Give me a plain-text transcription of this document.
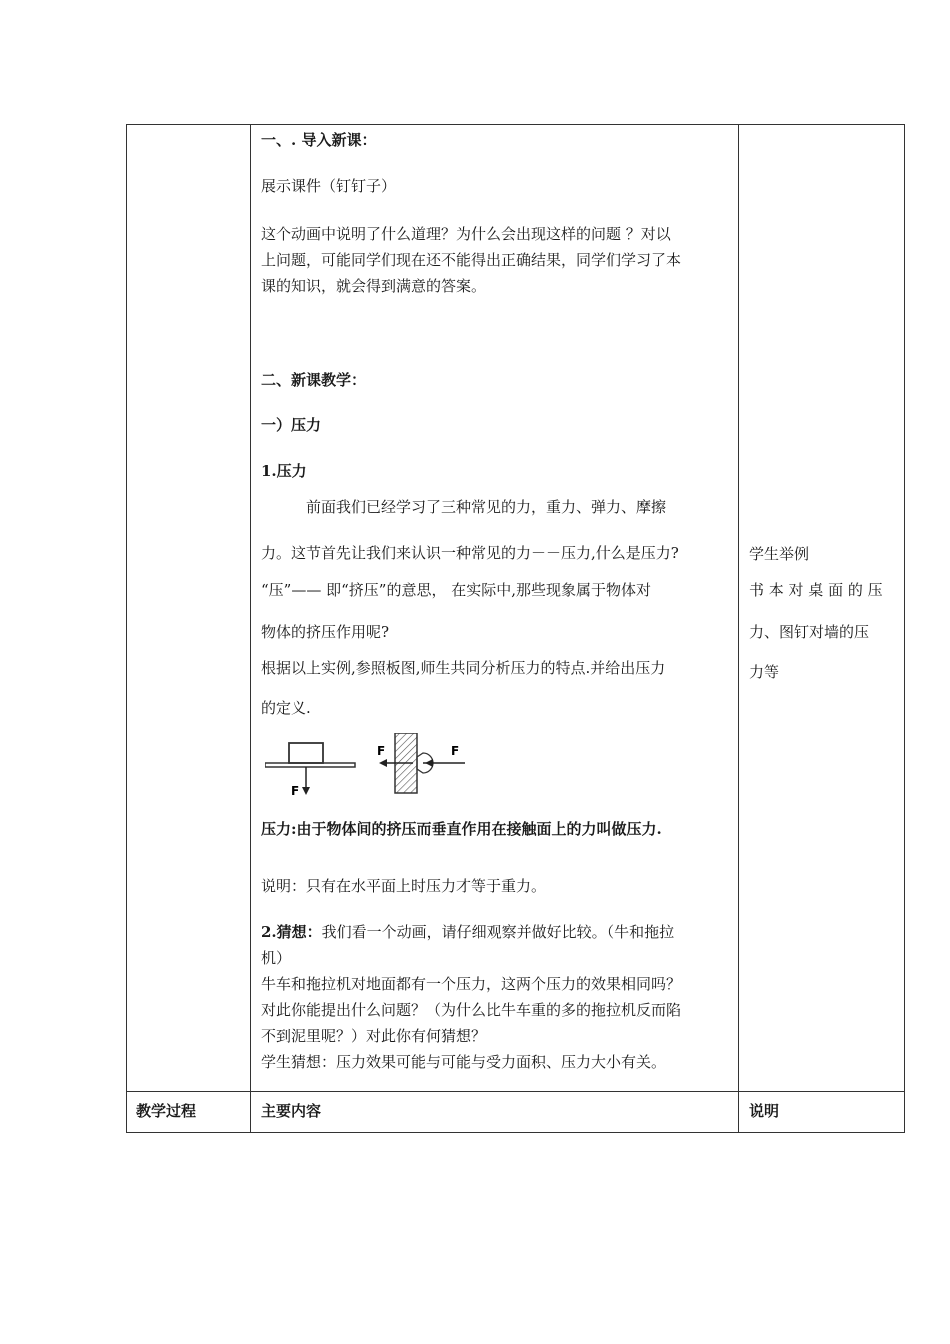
一、. 导入新课：
展示课件（钉钉子）
这个动画中说明了什么道理？为什么会出现这样的问题 ？对以
上问题，可能同学们现在还不能得出正确结果，同学们学习了本
课的知识，就会得到满意的答案。
二、新课教学：
一）压力
1.压力
前面我们已经学习了三种常见的力，重力、弹力、摩擦
力。这节首先让我们来认识一种常见的力－－压力,什么是压力?
“压”—— 即“挤压”的意思， 在实际中,那些现象属于物体对
物体的挤压作用呢?
根据以上实例,参照板图,师生共同分析压力的特点.并给出压力
的定义.
F
F	F
压力:由于物体间的挤压而垂直作用在接触面上的力叫做压力.
说明：只有在水平面上时压力才等于重力。
2.猜想：我们看一个动画，请仔细观察并做好比较。（牛和拖拉
机）
牛车和拖拉机对地面都有一个压力，这两个压力的效果相同吗？
对此你能提出什么问题？（为什么比牛车重的多的拖拉机反而陷
不到泥里呢？）对此你有何猜想？
学生猜想：压力效果可能与可能与受力面积、压力大小有关。
学生举例
书 本 对 桌 面 的 压
力、图钉对墙的压
力等
教学过程	主要内容	说明
